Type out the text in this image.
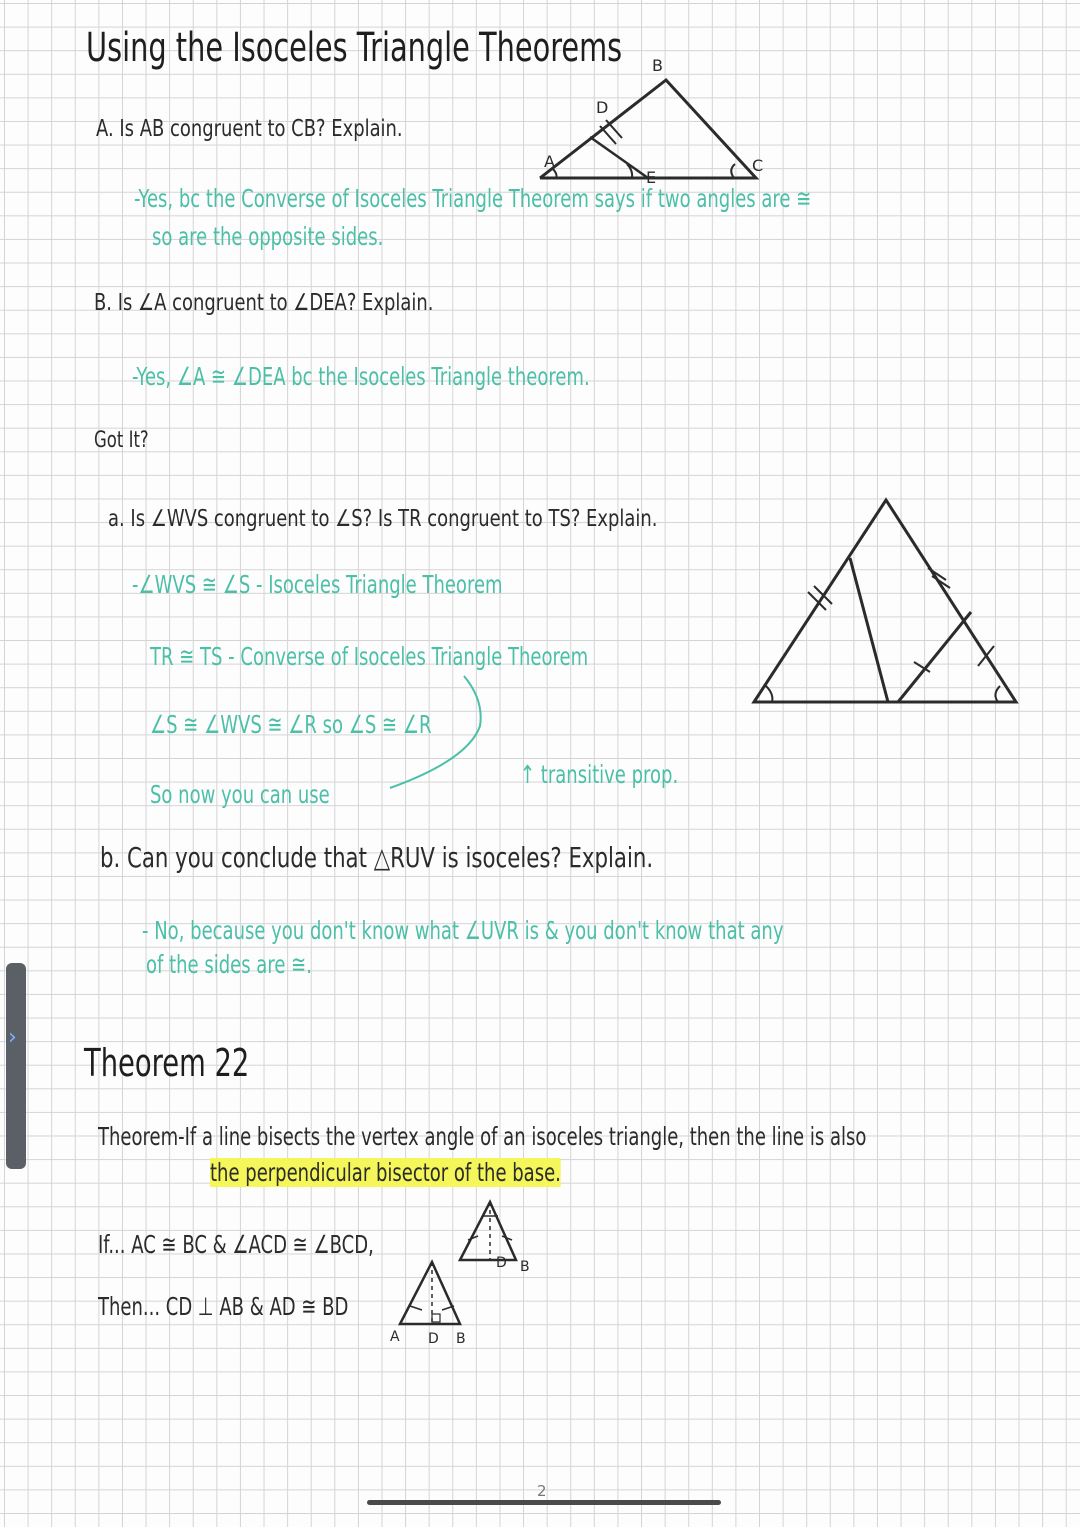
Using the Isoceles Triangle Theorems B
D
A
E
C
A. Is AB congruent to CB? Explain.
-Yes, bc the Converse of Isoceles Triangle Theorem says if two angles are ≅
so are the opposite sides.
B. Is ∠A congruent to ∠DEA? Explain.
-Yes, ∠A ≅ ∠DEA bc the Isoceles Triangle theorem.
Got It?
a. Is ∠WVS congruent to ∠S? Is TR congruent to TS? Explain.
-∠WVS ≅ ∠S - Isoceles Triangle Theorem
TR ≅ TS - Converse of Isoceles Triangle Theorem
∠S ≅ ∠WVS ≅ ∠R so ∠S ≅ ∠R
So now you can use
↑ transitive prop.
b. Can you conclude that △RUV is isoceles? Explain.
- No, because you don't know what ∠UVR is & you don't know that any
of the sides are ≅.
Theorem 22
Theorem-If a line bisects the vertex angle of an isoceles triangle, then the line is also
the perpendicular bisector of the base.
If... AC ≅ BC & ∠ACD ≅ ∠BCD,
Then... CD ⊥ AB & AD ≅ BD
D B
A D B
2
›
